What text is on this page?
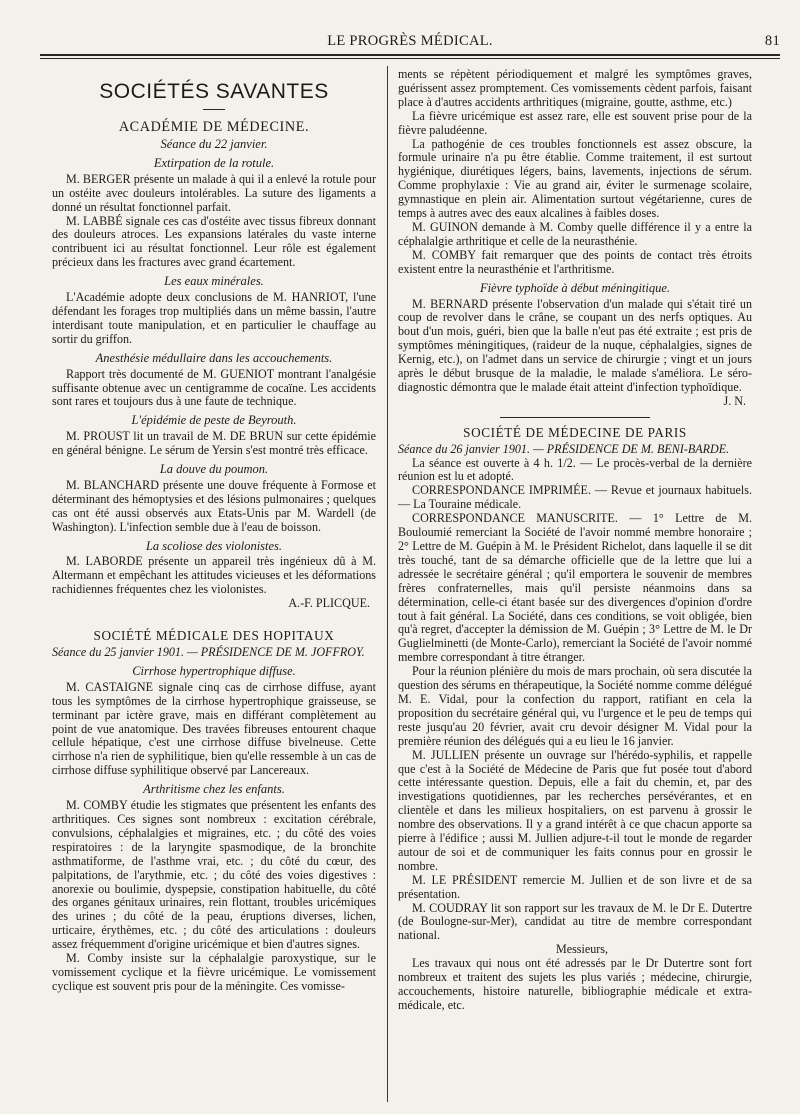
LE PROGRÈS MÉDICAL.	81
SOCIÉTÉS SAVANTES
ACADÉMIE DE MÉDECINE.
Séance du 22 janvier.
Extirpation de la rotule.

M. BERGER présente un malade à qui il a enlevé la rotule pour un ostéite avec douleurs intolérables. La suture des ligaments a donné un résultat fonctionnel parfait.

M. LABBÉ signale ces cas d'ostéite avec tissus fibreux donnant des douleurs atroces. Les expansions latérales du vaste interne contribuent ici au résultat fonctionnel. Leur rôle est également précieux dans les fractures avec grand écartement.

Les eaux minérales.

L'Académie adopte deux conclusions de M. HANRIOT, l'une défendant les forages trop multipliés dans un même bassin, l'autre interdisant toute manipulation, et en particulier le chauffage au sortir du griffon.

Anesthésie médullaire dans les accouchements.

Rapport très documenté de M. GUENIOT montrant l'analgésie suffisante obtenue avec un centigramme de cocaïne. Les accidents sont rares et toujours dus à une faute de technique.

L'épidémie de peste de Beyrouth.

M. PROUST lit un travail de M. DE BRUN sur cette épidémie en général bénigne. Le sérum de Yersin s'est montré très efficace.

La douve du poumon.

M. BLANCHARD présente une douve fréquente à Formose et déterminant des hémoptysies et des lésions pulmonaires ; quelques cas ont été aussi observés aux Etats-Unis par M. Wardell (de Washington). L'infection semble due à l'eau de boisson.

La scoliose des violonistes.

M. LABORDE présente un appareil très ingénieux dû à M. Altermann et empêchant les attitudes vicieuses et les déformations rachidiennes fréquentes chez les violonistes.

A.-F. PLICQUE.
SOCIÉTÉ MÉDICALE DES HOPITAUX

Séance du 25 janvier 1901. — PRÉSIDENCE DE M. JOFFROY.

Cirrhose hypertrophique diffuse.

M. CASTAIGNE signale cinq cas de cirrhose diffuse, ayant tous les symptômes de la cirrhose hypertrophique graisseuse, se terminant par ictère grave, mais en différant complètement au point de vue anatomique. Des travées fibreuses entourent chaque cellule hépatique, c'est une cirrhose diffuse bivelneuse. Cette cirrhose n'a rien de syphilitique, bien qu'elle ressemble à un cas de cirrhose diffuse syphilitique observé par Lancereaux.

Arthritisme chez les enfants.

M. COMBY étudie les stigmates que présentent les enfants des arthritiques. Ces signes sont nombreux : excitation cérébrale, convulsions, céphalalgies et migraines, etc. ; du côté des voies respiratoires : de la laryngite spasmodique, de la bronchite asthmatiforme, de l'asthme vrai, etc. ; du côté du cœur, des palpitations, de l'arythmie, etc. ; du côté des voies digestives : anorexie ou boulimie, dyspepsie, constipation habituelle, du côté des organes génitaux urinaires, rein flottant, troubles uricémiques des urines ; du côté de la peau, éruptions diverses, lichen, urticaire, érythèmes, etc. ; du côté des articulations : douleurs assez fréquemment d'origine uricémique et bien d'autres signes.

M. Comby insiste sur la céphalalgie paroxystique, sur le vomissement cyclique et la fièvre uricémique. Le vomissement cyclique est souvent pris pour de la méningite. Ces vomisse-

ments se répètent périodiquement et malgré les symptômes graves, guérissent assez promptement. Ces vomissements cèdent parfois, faisant place à d'autres accidents arthritiques (migraine, goutte, asthme, etc.)

La fièvre uricémique est assez rare, elle est souvent prise pour de la fièvre paludéenne.

La pathogénie de ces troubles fonctionnels est assez obscure, la formule urinaire n'a pu être établie. Comme traitement, il est surtout hygiénique, diurétiques légers, bains, lavements, injections de sérum. Comme prophylaxie : Vie au grand air, éviter le surmenage scolaire, gymnastique en plein air. Alimentation surtout végétarienne, cures de temps à autres avec des eaux alcalines à faibles doses.

M. GUINON demande à M. Comby quelle différence il y a entre la céphalalgie arthritique et celle de la neurasthénie.

M. COMBY fait remarquer que des points de contact très étroits existent entre la neurasthénie et l'arthritisme.

Fièvre typhoïde à début méningitique.

M. BERNARD présente l'observation d'un malade qui s'était tiré un coup de revolver dans le crâne, se coupant un des nerfs optiques. Au bout d'un mois, guéri, bien que la balle n'eut pas été extraite ; est pris de symptômes méningitiques, (raideur de la nuque, céphalalgies, signes de Kernig, etc.), on l'admet dans un service de chirurgie ; vingt et un jours après le début brusque de la maladie, le malade s'améliora. Le séro-diagnostic démontra que le malade était atteint d'infection typhoïdique.

J. N.
SOCIÉTÉ DE MÉDECINE DE PARIS

Séance du 26 janvier 1901. — PRÉSIDENCE DE M. BENI-BARDE.

La séance est ouverte à 4 h. 1/2. — Le procès-verbal de la dernière réunion est lu et adopté.

CORRESPONDANCE IMPRIMÉE. — Revue et journaux habituels. — La Touraine médicale.

CORRESPONDANCE MANUSCRITE. — 1° Lettre de M. Bouloumié remerciant la Société de l'avoir nommé membre honoraire ; 2° Lettre de M. Guépin à M. le Président Richelot, dans laquelle il se dit très touché, tant de sa démarche officielle que de la lettre que lui a adressée le secrétaire général ; qu'il emportera le souvenir de membres frères confraternelles, mais qu'il persiste néanmoins dans sa détermination, celle-ci étant basée sur des divergences d'opinion d'ordre tout à fait général. La Société, dans ces conditions, se voit obligée, bien qu'à regret, d'accepter la démission de M. Guépin ; 3° Lettre de M. le Dr Guglielminetti (de Monte-Carlo), remerciant la Société de l'avoir nommé membre correspondant à titre étranger.

Pour la réunion plénière du mois de mars prochain, où sera discutée la question des sérums en thérapeutique, la Société nomme comme délégué M. E. Vidal, pour la confection du rapport, ratifiant en cela la proposition du secrétaire général qui, vu l'urgence et le peu de temps qui reste jusqu'au 20 février, avait cru devoir désigner M. Vidal pour la première réunion des délégués qui a eu lieu le 16 janvier.

M. JULLIEN présente un ouvrage sur l'hérédo-syphilis, et rappelle que c'est à la Société de Médecine de Paris que fut posée tout d'abord cette intéressante question. Depuis, elle a fait du chemin, et, par des investigations quotidiennes, par les recherches persévérantes, et en clientèle et dans les milieux hospitaliers, on est parvenu à grossir le nombre des observations. Il y a grand intérêt à ce que chacun apporte sa pierre à l'édifice ; aussi M. Jullien adjure-t-il tout le monde de regarder autour de soi et de communiquer les faits connus pour en grossir le nombre.

M. LE PRÉSIDENT remercie M. Jullien et de son livre et de sa présentation.

M. COUDRAY lit son rapport sur les travaux de M. le Dr E. Dutertre (de Boulogne-sur-Mer), candidat au titre de membre correspondant national.

Messieurs,

Les travaux qui nous ont été adressés par le Dr Dutertre sont fort nombreux et traitent des sujets les plus variés ; médecine, chirurgie, accouchements, histoire naturelle, bibliographie médicale et extra-médicale, etc.
